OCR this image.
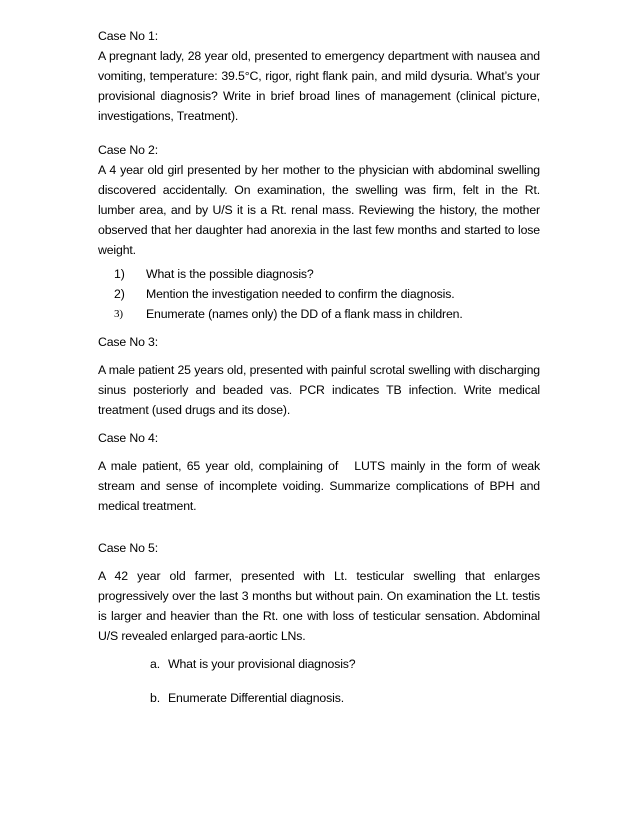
Case No 1:

A pregnant lady, 28 year old, presented to emergency department with nausea and vomiting, temperature: 39.5°C, rigor, right flank pain, and mild dysuria. What’s your provisional diagnosis? Write in brief broad lines of management (clinical picture, investigations, Treatment).

Case No 2:

A 4 year old girl presented by her mother to the physician with abdominal swelling discovered accidentally. On examination, the swelling was firm, felt in the Rt. lumber area, and by U/S it is a Rt. renal mass. Reviewing the history, the mother observed that her daughter had anorexia in the last few months and started to lose weight.

1)	What is the possible diagnosis?
2)	Mention the investigation needed to confirm the diagnosis.
3)	Enumerate (names only) the DD of a flank mass in children.

Case No 3:

A male patient 25 years old, presented with painful scrotal swelling with discharging sinus posteriorly and beaded vas. PCR indicates TB infection. Write medical treatment (used drugs and its dose).

Case No 4:

A male patient, 65 year old, complaining of   LUTS mainly in the form of weak stream and sense of incomplete voiding. Summarize complications of BPH and medical treatment.

Case No 5:

A 42 year old farmer, presented with Lt. testicular swelling that enlarges progressively over the last 3 months but without pain. On examination the Lt. testis is larger and heavier than the Rt. one with loss of testicular sensation. Abdominal U/S revealed enlarged para-aortic LNs.

a. What is your provisional diagnosis?

b. Enumerate Differential diagnosis.
